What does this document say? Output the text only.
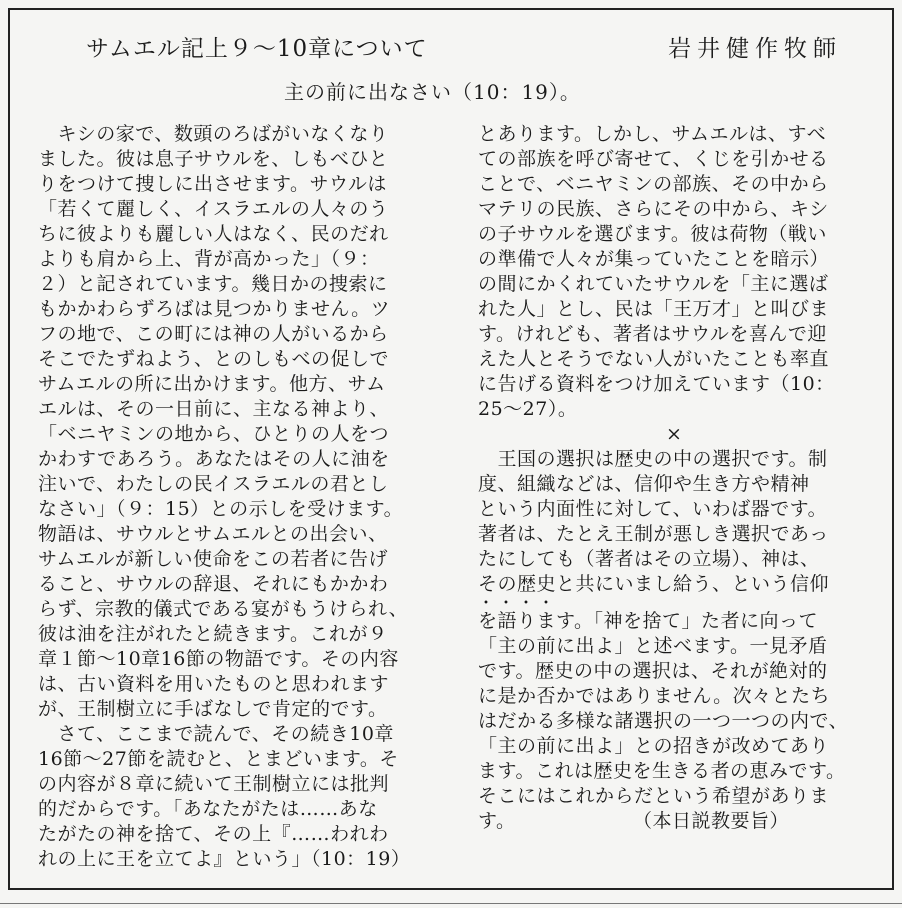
サムエル記上９～10章について	岩井健作牧師
主の前に出なさい（10：19）。
　キシの家で、数頭のろばがいなくなり
ました。彼は息子サウルを、しもべひと
りをつけて捜しに出させます。サウルは
「若くて麗しく、イスラエルの人々のう
ちに彼よりも麗しい人はなく、民のだれ
よりも肩から上、背が高かった」（９：
２）と記されています。幾日かの捜索に
もかかわらずろばは見つかりません。ツ
フの地で、この町には神の人がいるから
そこでたずねよう、とのしもべの促しで
サムエルの所に出かけます。他方、サム
エルは、その一日前に、主なる神より、
「ベニヤミンの地から、ひとりの人をつ
かわすであろう。あなたはその人に油を
注いで、わたしの民イスラエルの君とし
なさい」（９：15）との示しを受けます。
物語は、サウルとサムエルとの出会い、
サムエルが新しい使命をこの若者に告げ
ること、サウルの辞退、それにもかかわ
らず、宗教的儀式である宴がもうけられ、
彼は油を注がれたと続きます。これが９
章１節～10章16節の物語です。その内容
は、古い資料を用いたものと思われます
が、王制樹立に手ばなしで肯定的です。
　さて、ここまで読んで、その続き10章
16節～27節を読むと、とまどいます。そ
の内容が８章に続いて王制樹立には批判
的だからです。「あなたがたは……あな
たがたの神を捨て、その上『……われわ
れの上に王を立てよ』という」（10：19）
とあります。しかし、サムエルは、すべ
ての部族を呼び寄せて、くじを引かせる
ことで、ベニヤミンの部族、その中から
マテリの民族、さらにその中から、キシ
の子サウルを選びます。彼は荷物（戦い
の準備で人々が集っていたことを暗示）
の間にかくれていたサウルを「主に選ば
れた人」とし、民は「王万才」と叫びま
す。けれども、著者はサウルを喜んで迎
えた人とそうでない人がいたことも率直
に告げる資料をつけ加えています（10：
25～27）。
×
　王国の選択は歴史の中の選択です。制
度、組織などは、信仰や生き方や精神
という内面性に対して、いわば器です。
著者は、たとえ王制が悪しき選択であっ
たにしても（著者はその立場）、神は、
その歴史と共にいまし給う、という信仰
・・・・
を語ります。「神を捨て」た者に向って
「主の前に出よ」と述べます。一見矛盾
です。歴史の中の選択は、それが絶対的
に是か否かではありません。次々とたち
はだかる多様な諸選択の一つ一つの内で、
「主の前に出よ」との招きが改めてあり
ます。これは歴史を生きる者の恵みです。
そこにはこれからだという希望がありま
す。　　　　　　　（本日説教要旨）
